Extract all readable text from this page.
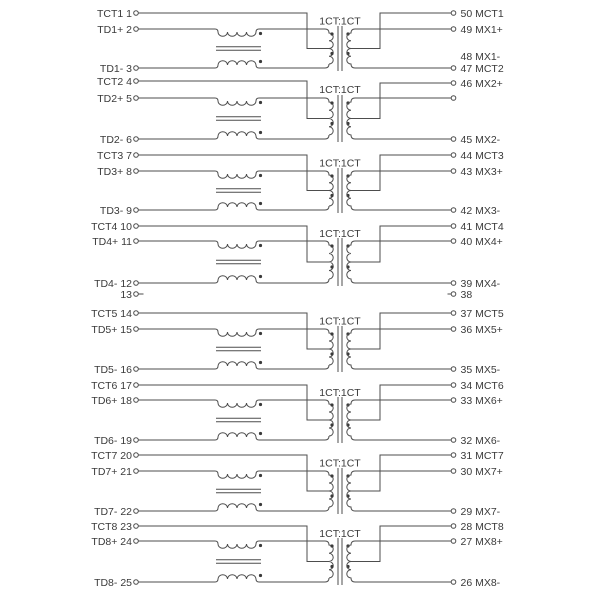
1CT:1CT
TCT1 1
TD1+ 2
TD1- 3
50 MCT1
49 MX1+
48 MX1-
47 MCT2
1CT:1CT
TCT2 4
TD2+ 5
TD2- 6
46 MX2+
45 MX2-
1CT:1CT
TCT3 7
TD3+ 8
TD3- 9
44 MCT3
43 MX3+
42 MX3-
1CT:1CT
TCT4 10
TD4+ 11
TD4- 12
41 MCT4
40 MX4+
39 MX4-
1CT:1CT
TCT5 14
TD5+ 15
TD5- 16
37 MCT5
36 MX5+
35 MX5-
1CT:1CT
TCT6 17
TD6+ 18
TD6- 19
34 MCT6
33 MX6+
32 MX6-
1CT:1CT
TCT7 20
TD7+ 21
TD7- 22
31 MCT7
30 MX7+
29 MX7-
1CT:1CT
TCT8 23
TD8+ 24
TD8- 25
28 MCT8
27 MX8+
26 MX8-
13	38
